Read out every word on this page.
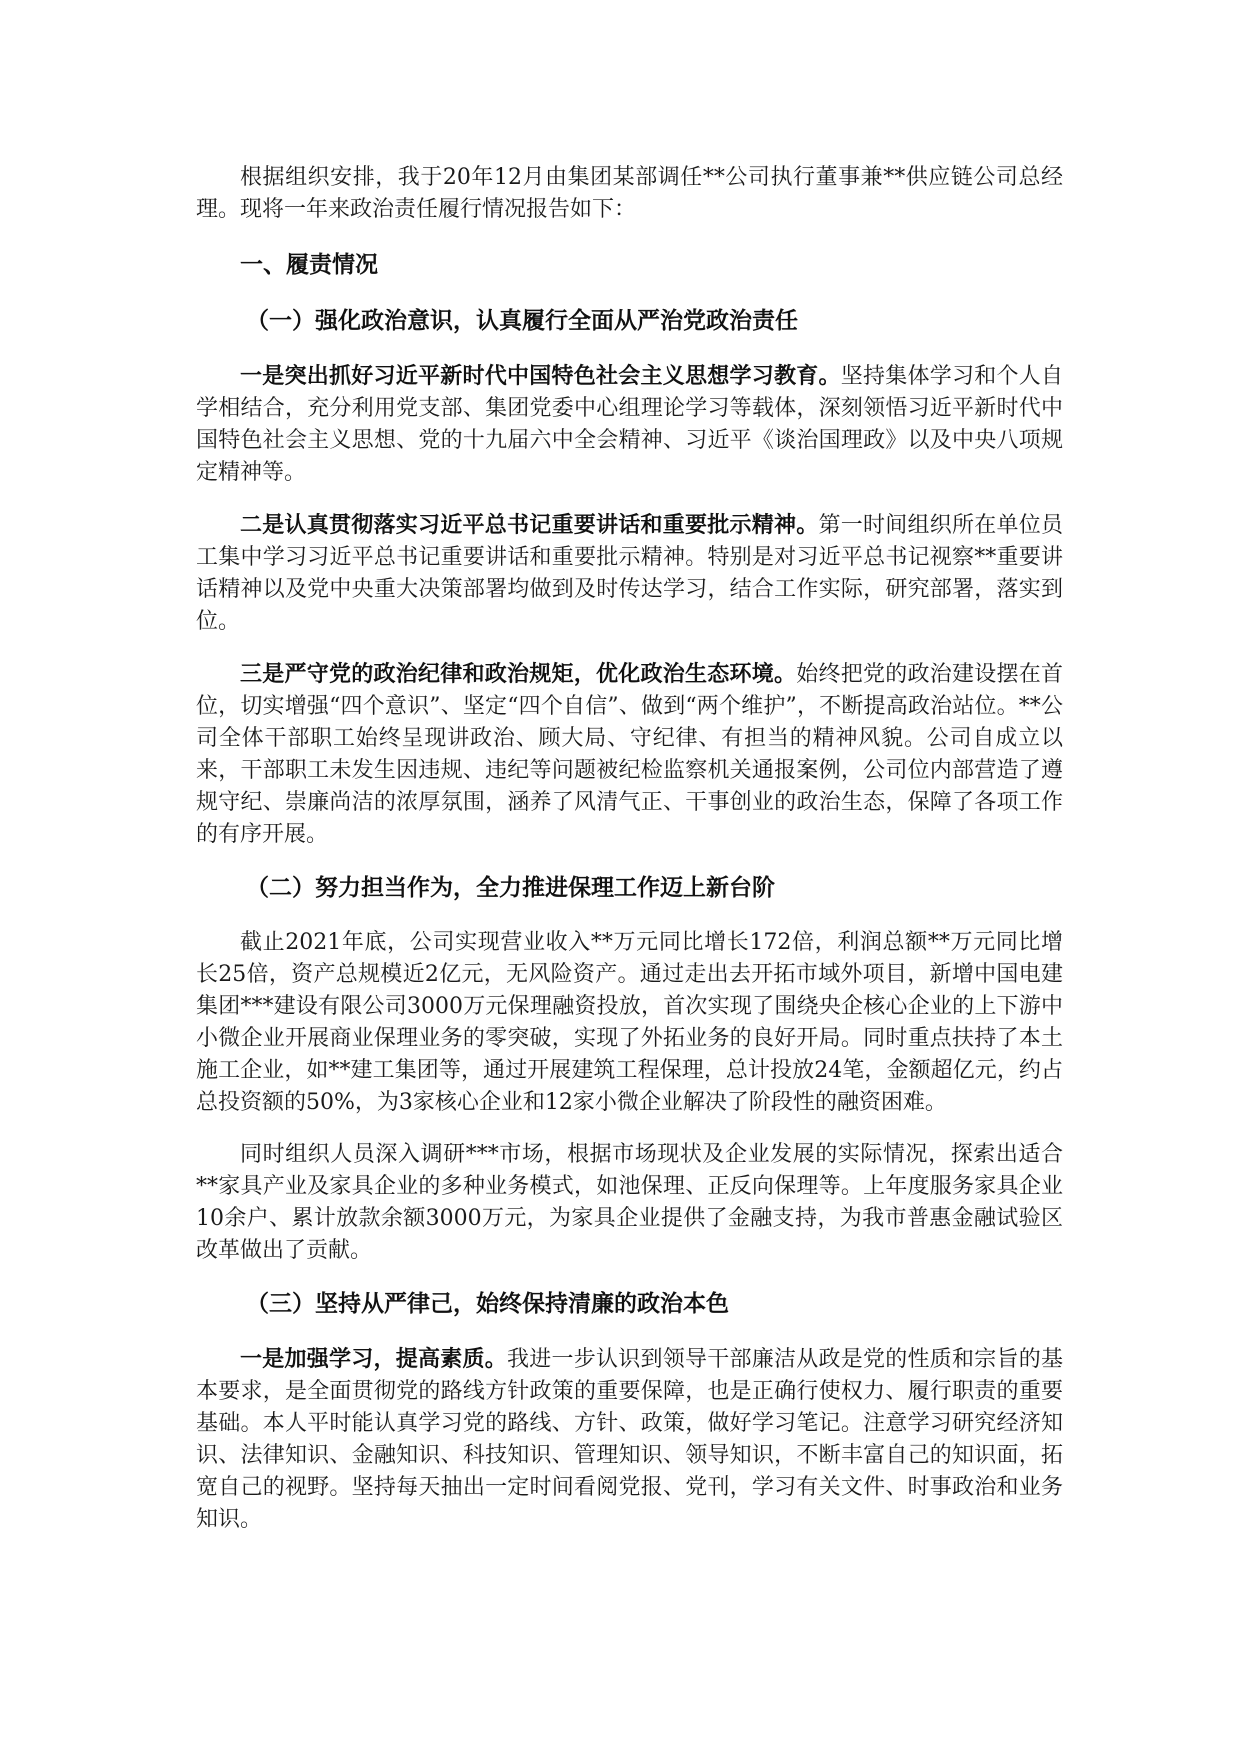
根据组织安排，我于20年12月由集团某部调任**公司执行董事兼**供应链公司总经理。现将一年来政治责任履行情况报告如下：

一、履责情况

（一）强化政治意识，认真履行全面从严治党政治责任

一是突出抓好习近平新时代中国特色社会主义思想学习教育。坚持集体学习和个人自学相结合，充分利用党支部、集团党委中心组理论学习等载体，深刻领悟习近平新时代中国特色社会主义思想、党的十九届六中全会精神、习近平《谈治国理政》以及中央八项规定精神等。

二是认真贯彻落实习近平总书记重要讲话和重要批示精神。第一时间组织所在单位员工集中学习习近平总书记重要讲话和重要批示精神。特别是对习近平总书记视察**重要讲话精神以及党中央重大决策部署均做到及时传达学习，结合工作实际，研究部署，落实到位。

三是严守党的政治纪律和政治规矩，优化政治生态环境。始终把党的政治建设摆在首位，切实增强“四个意识”、坚定“四个自信”、做到“两个维护”，不断提高政治站位。**公司全体干部职工始终呈现讲政治、顾大局、守纪律、有担当的精神风貌。公司自成立以来，干部职工未发生因违规、违纪等问题被纪检监察机关通报案例，公司位内部营造了遵规守纪、崇廉尚洁的浓厚氛围，涵养了风清气正、干事创业的政治生态，保障了各项工作的有序开展。

（二）努力担当作为，全力推进保理工作迈上新台阶

截止2021年底，公司实现营业收入**万元同比增长172倍，利润总额**万元同比增长25倍，资产总规模近2亿元，无风险资产。通过走出去开拓市域外项目，新增中国电建集团***建设有限公司3000万元保理融资投放，首次实现了围绕央企核心企业的上下游中小微企业开展商业保理业务的零突破，实现了外拓业务的良好开局。同时重点扶持了本土施工企业，如**建工集团等，通过开展建筑工程保理，总计投放24笔，金额超亿元，约占总投资额的50%，为3家核心企业和12家小微企业解决了阶段性的融资困难。

同时组织人员深入调研***市场，根据市场现状及企业发展的实际情况，探索出适合**家具产业及家具企业的多种业务模式，如池保理、正反向保理等。上年度服务家具企业10余户、累计放款余额3000万元，为家具企业提供了金融支持，为我市普惠金融试验区改革做出了贡献。

（三）坚持从严律己，始终保持清廉的政治本色

一是加强学习，提高素质。我进一步认识到领导干部廉洁从政是党的性质和宗旨的基本要求，是全面贯彻党的路线方针政策的重要保障，也是正确行使权力、履行职责的重要基础。本人平时能认真学习党的路线、方针、政策，做好学习笔记。注意学习研究经济知识、法律知识、金融知识、科技知识、管理知识、领导知识，不断丰富自己的知识面，拓宽自己的视野。坚持每天抽出一定时间看阅党报、党刊，学习有关文件、时事政治和业务知识。
